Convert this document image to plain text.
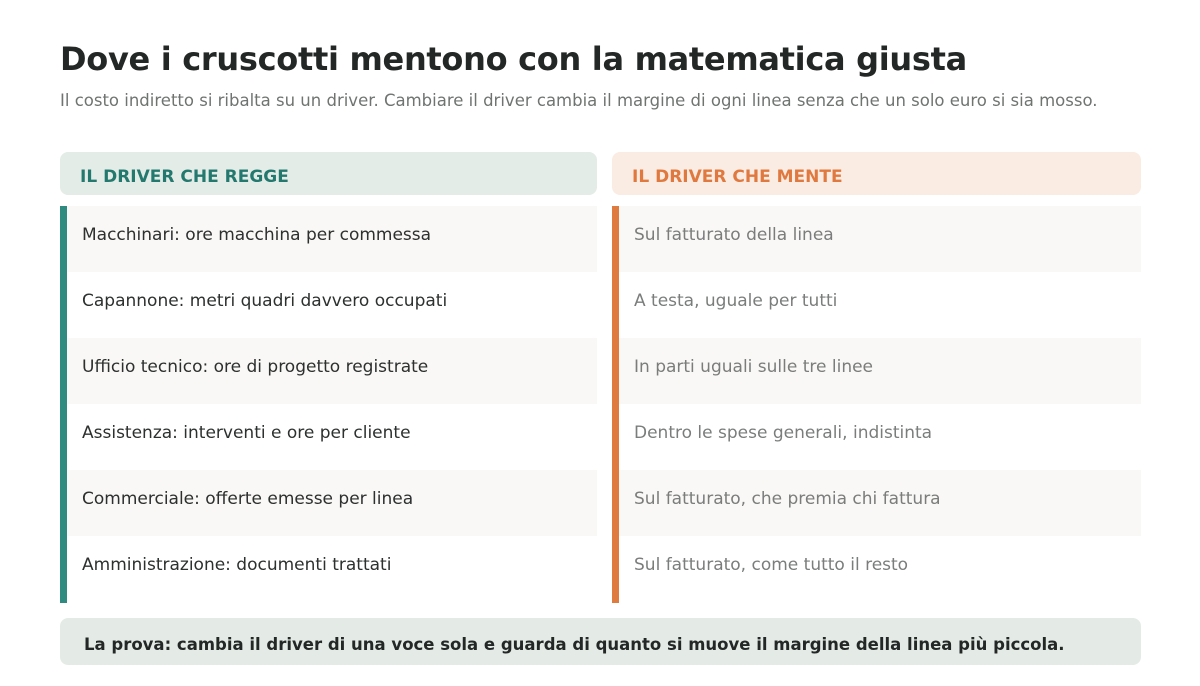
Dove i cruscotti mentono con la matematica giusta
Il costo indiretto si ribalta su un driver. Cambiare il driver cambia il margine di ogni linea senza che un solo euro si sia mosso.
IL DRIVER CHE REGGE
Macchinari: ore macchina per commessa
Capannone: metri quadri davvero occupati
Ufficio tecnico: ore di progetto registrate
Assistenza: interventi e ore per cliente
Commerciale: offerte emesse per linea
Amministrazione: documenti trattati
IL DRIVER CHE MENTE
Sul fatturato della linea
A testa, uguale per tutti
In parti uguali sulle tre linee
Dentro le spese generali, indistinta
Sul fatturato, che premia chi fattura
Sul fatturato, come tutto il resto
La prova: cambia il driver di una voce sola e guarda di quanto si muove il margine della linea più piccola.
